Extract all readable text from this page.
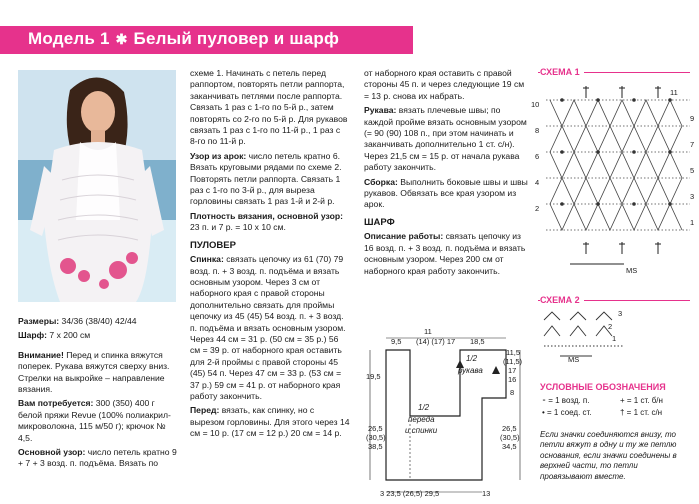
Модель 1 ✱ Белый пуловер и шарф

Размеры: 34/36 (38/40) 42/44

Шарф: 7 x 200 см

Внимание! Перед и спинка вяжутся поперек. Рукава вяжутся сверху вниз. Стрелки на выкройке – направление вязания.

Вам потребуется: 300 (350) 400 г белой пряжи Revue (100% полиакрил-микроволокна, 115 м/50 г); крючок № 4,5.

Основной узор: число петель кратно 9 + 7 + 3 возд. п. подъёма. Вязать по

схеме 1. Начинать с петель перед раппортом, повторять петли раппорта, заканчивать петлями после раппорта. Связать 1 раз с 1-го по 5-й р., затем повторять со 2-го по 5-й р. Для рукавов связать 1 раз с 1-го по 11-й р., 1 раз с 8-го по 11-й р.

Узор из арок: число петель кратно 6. Вязать круговыми рядами по схеме 2. Повторять петли раппорта. Связать 1 раз с 1-го по 3-й р., для выреза горловины связать 1 раз 1-й и 2-й р.

Плотность вязания, основной узор: 23 п. и 7 р. = 10 x 10 см.

ПУЛОВЕР

Спинка: связать цепочку из 61 (70) 79 возд. п. + 3 возд. п. подъёма и вязать основным узором. Через 3 см от наборного края с правой стороны дополнительно связать для проймы цепочку из 45 (45) 54 возд. п. + 3 возд. п. подъёма и вязать основным узором. Через 44 см = 31 р. (50 см = 35 р.) 56 см = 39 р. от наборного края оставить для 2-й проймы с правой стороны 45 (45) 54 п. Через 47 см = 33 р. (53 см = 37 р.) 59 см = 41 р. от наборного края работу закончить.

Перед: вязать, как спинку, но с вырезом горловины. Для этого через 14 см = 10 р. (17 см = 12 р.) 20 см = 14 р.

от наборного края оставить с правой стороны 45 п. и через следующие 19 см = 13 р. снова их набрать.

Рукава: вязать плечевые швы; по каждой пройме вязать основным узором (= 90 (90) 108 п., при этом начинать и заканчивать дополнительно 1 ст. с/н). Через 21,5 см = 15 р. от начала рукава работу закончить.

Сборка: Выполнить боковые швы и швы рукавов. Обвязать все края узором из арок.

ШАРФ

Описание работы: связать цепочку из 16 возд. п. + 3 возд. п. подъёма и вязать основным узором. Через 200 см от наборного края работу закончить.

11
9,5 (14) (17) 17 18,5
19,5
1/2
рукава
1/2
переда
и спинки
26,5
(30,5)
38,5
11,5
(11,5)
17
16
8
26,5
(30,5)
34,5
3 23,5 (26,5) 29,5	13
СХЕМА 1
10
8
6
4
2
11
9
7
5
3
1
MS
СХЕМА 2
3
2
1
MS
УСЛОВНЫЕ ОБОЗНАЧЕНИЯ
⁃ = 1 возд. п.	+ = 1 ст. б/н
• = 1 соед. ст.	† = 1 ст. с/н
Если значки соединяются внизу, то петли вяжут в одну и ту же петлю основания, если значки соединены в верхней части, то петли провязывают вместе.
